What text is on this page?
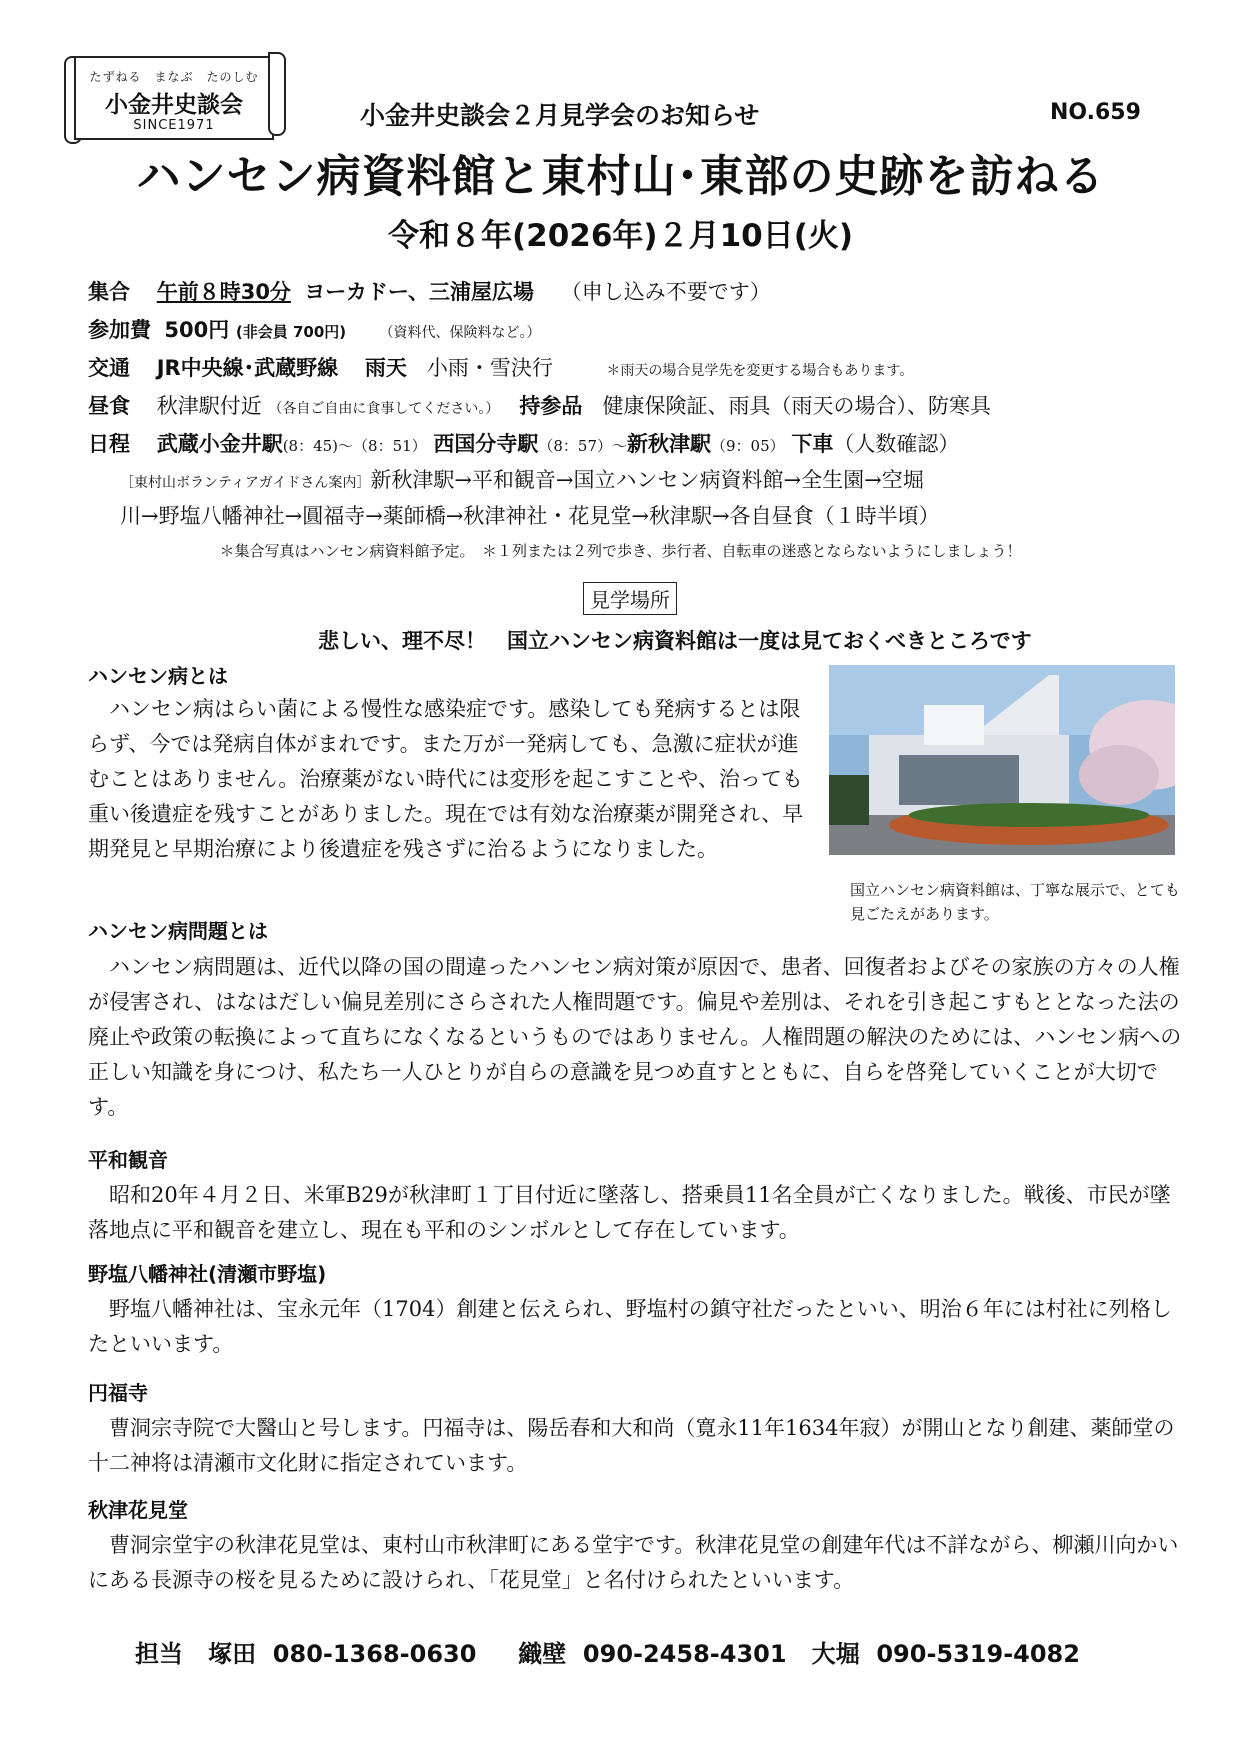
たずねる　まなぶ　たのしむ
小金井史談会
SINCE1971	小金井史談会２月見学会のお知らせ	NO.659
ハンセン病資料館と東村山･東部の史跡を訪ねる
令和８年(2026年)２月10日(火)
集合 午前８時30分 ヨーカドー、三浦屋広場 （申し込み不要です）
参加費 500円 (非会員 700円) （資料代、保険料など。）
交通 JR中央線･武蔵野線 雨天 小雨・雪決行	＊雨天の場合見学先を変更する場合もあります。
昼食 秋津駅付近 （各自ご自由に食事してください。） 持参品 健康保険証、雨具（雨天の場合）、防寒具
日程 武蔵小金井駅(8：45)～（8：51） 西国分寺駅（8：57）～新秋津駅（9：05） 下車（人数確認）
［東村山ボランティアガイドさん案内］新秋津駅→平和観音→国立ハンセン病資料館→全生園→空堀
川→野塩八幡神社→圓福寺→薬師橋→秋津神社・花見堂→秋津駅→各自昼食（１時半頃）
＊集合写真はハンセン病資料館予定。　＊１列または２列で歩き、歩行者、自転車の迷惑とならないようにしましょう！
見学場所
悲しい、理不尽！　国立ハンセン病資料館は一度は見ておくべきところです
国立ハンセン病資料館は、丁寧な展示で、とても見ごたえがあります。
ハンセン病とは
ハンセン病はらい菌による慢性な感染症です。感染しても発病するとは限らず、今では発病自体がまれです。また万が一発病しても、急激に症状が進むことはありません。治療薬がない時代には変形を起こすことや、治っても重い後遺症を残すことがありました。現在では有効な治療薬が開発され、早期発見と早期治療により後遺症を残さずに治るようになりました。
ハンセン病問題とは
ハンセン病問題は、近代以降の国の間違ったハンセン病対策が原因で、患者、回復者およびその家族の方々の人権が侵害され、はなはだしい偏見差別にさらされた人権問題です。偏見や差別は、それを引き起こすもととなった法の廃止や政策の転換によって直ちになくなるというものではありません。人権問題の解決のためには、ハンセン病への正しい知識を身につけ、私たち一人ひとりが自らの意識を見つめ直すとともに、自らを啓発していくことが大切です。
平和観音
昭和20年４月２日、米軍B29が秋津町１丁目付近に墜落し、搭乗員11名全員が亡くなりました。戦後、市民が墜落地点に平和観音を建立し、現在も平和のシンボルとして存在しています。
野塩八幡神社(清瀬市野塩)
野塩八幡神社は、宝永元年（1704）創建と伝えられ、野塩村の鎮守社だったといい、明治６年には村社に列格したといいます。
円福寺
曹洞宗寺院で大醫山と号します。円福寺は、陽岳春和大和尚（寛永11年1634年寂）が開山となり創建、薬師堂の十二神将は清瀬市文化財に指定されています。
秋津花見堂
曹洞宗堂宇の秋津花見堂は、東村山市秋津町にある堂宇です。秋津花見堂の創建年代は不詳ながら、柳瀬川向かいにある長源寺の桜を見るために設けられ、「花見堂」と名付けられたといいます。
担当 塚田 080-1368-0630 織壁 090-2458-4301 大堀 090-5319-4082
